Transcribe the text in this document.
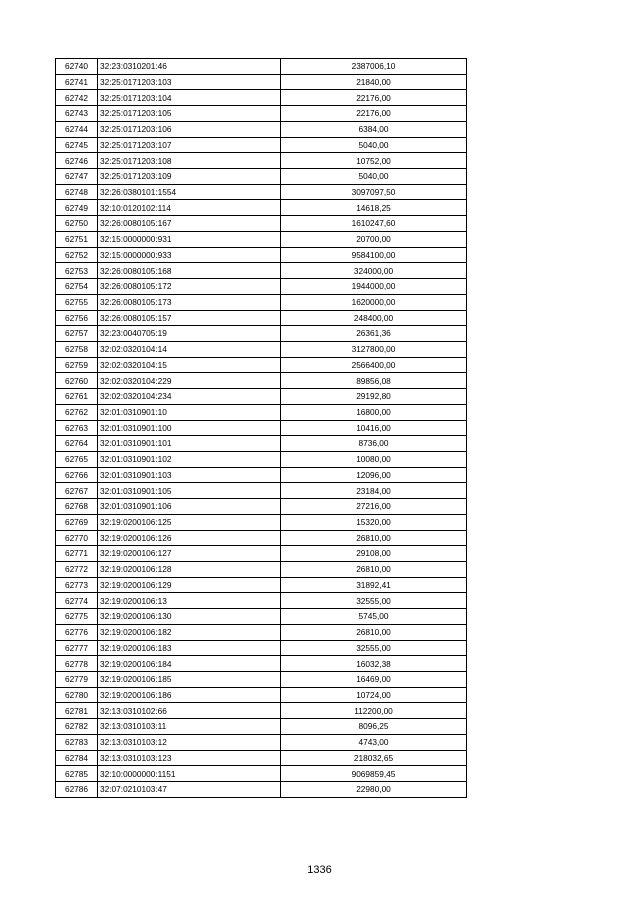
62740	32:23:0310201:46	2387006,10
62741	32:25:0171203:103	21840,00
62742	32:25:0171203:104	22176,00
62743	32:25:0171203:105	22176,00
62744	32:25:0171203:106	6384,00
62745	32:25:0171203:107	5040,00
62746	32:25:0171203:108	10752,00
62747	32:25:0171203:109	5040,00
62748	32:26:0380101:1554	3097097,50
62749	32:10:0120102:114	14618,25
62750	32:26:0080105:167	1610247,60
62751	32:15:0000000:931	20700,00
62752	32:15:0000000:933	9584100,00
62753	32:26:0080105:168	324000,00
62754	32:26:0080105:172	1944000,00
62755	32:26:0080105:173	1620000,00
62756	32:26:0080105:157	248400,00
62757	32:23:0040705:19	26361,36
62758	32:02:0320104:14	3127800,00
62759	32:02:0320104:15	2566400,00
62760	32:02:0320104:229	89856,08
62761	32:02:0320104:234	29192,80
62762	32:01:0310901:10	16800,00
62763	32:01:0310901:100	10416,00
62764	32:01:0310901:101	8736,00
62765	32:01:0310901:102	10080,00
62766	32:01:0310901:103	12096,00
62767	32:01:0310901:105	23184,00
62768	32:01:0310901:106	27216,00
62769	32:19:0200106:125	15320,00
62770	32:19:0200106:126	26810,00
62771	32:19:0200106:127	29108,00
62772	32:19:0200106:128	26810,00
62773	32:19:0200106:129	31892,41
62774	32:19:0200106:13	32555,00
62775	32:19:0200106:130	5745,00
62776	32:19:0200106:182	26810,00
62777	32:19:0200106:183	32555,00
62778	32:19:0200106:184	16032,38
62779	32:19:0200106:185	16469,00
62780	32:19:0200106:186	10724,00
62781	32:13:0310102:66	112200,00
62782	32:13:0310103:11	8096,25
62783	32:13:0310103:12	4743,00
62784	32:13:0310103:123	218032,65
62785	32:10:0000000:1151	9069859,45
62786	32:07:0210103:47	22980,00
1336
